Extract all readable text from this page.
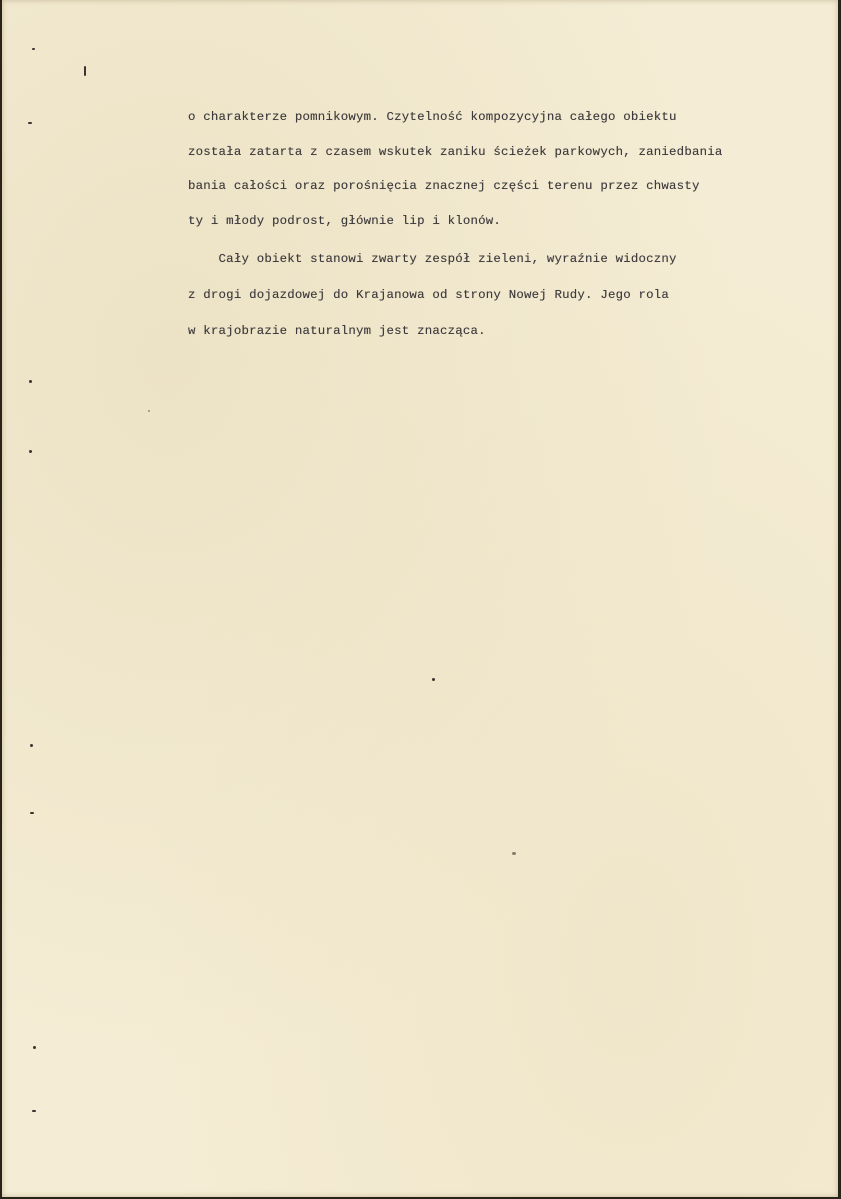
o charakterze pomnikowym. Czytelność kompozycyjna całego obiektu
została zatarta z czasem wskutek zaniku ścieżek parkowych, zaniedbania
bania całości oraz porośnięcia znacznej części terenu przez chwasty
ty i młody podrost, głównie lip i klonów.
Cały obiekt stanowi zwarty zespół zieleni, wyraźnie widoczny
z drogi dojazdowej do Krajanowa od strony Nowej Rudy. Jego rola
w krajobrazie naturalnym jest znacząca.
